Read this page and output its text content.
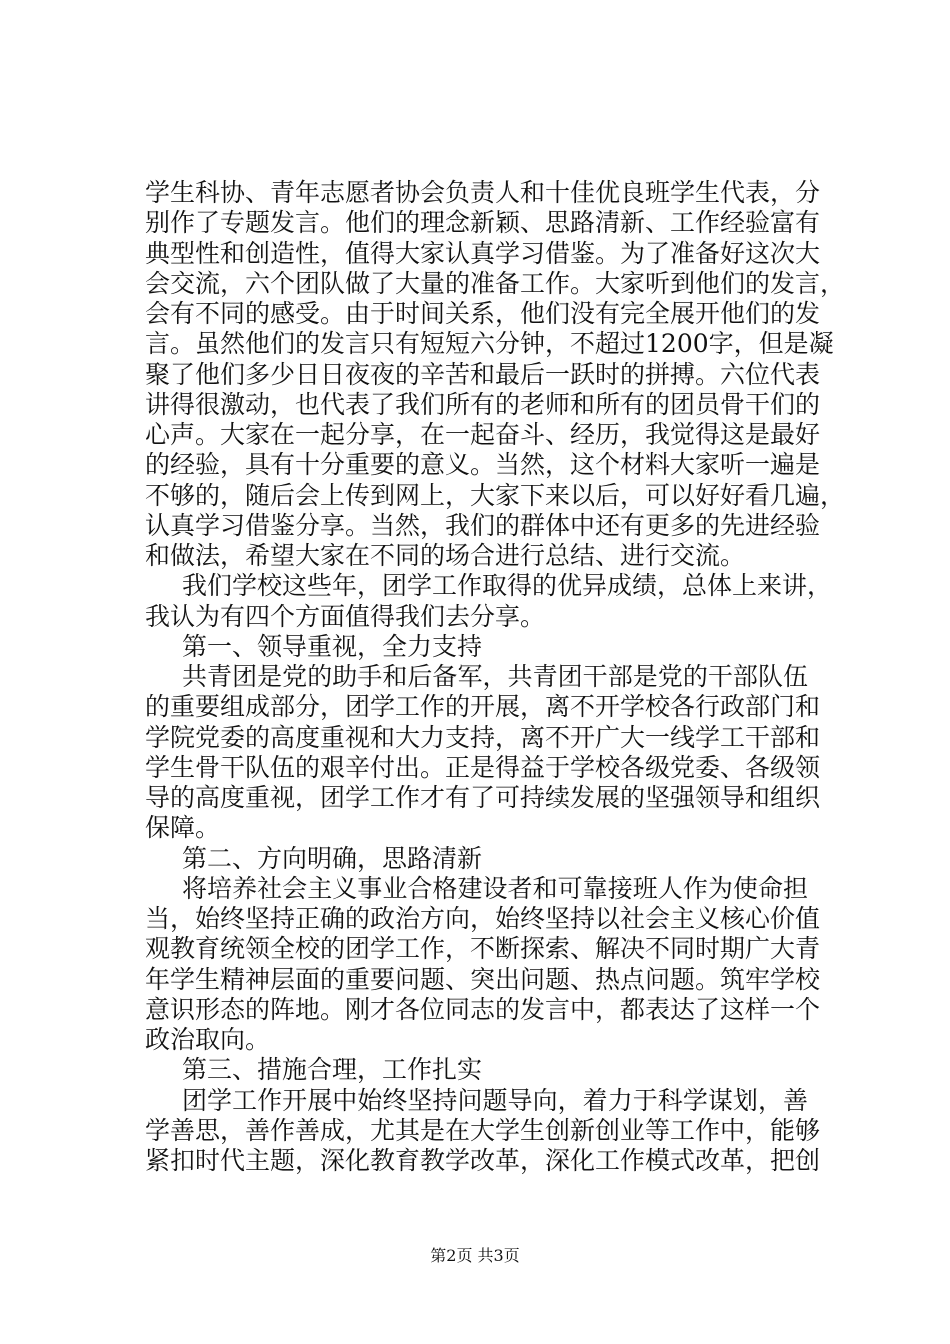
学生科协、青年志愿者协会负责人和十佳优良班学生代表，分
别作了专题发言。他们的理念新颖、思路清新、工作经验富有
典型性和创造性，值得大家认真学习借鉴。为了准备好这次大
会交流，六个团队做了大量的准备工作。大家听到他们的发言，
会有不同的感受。由于时间关系，他们没有完全展开他们的发
言。虽然他们的发言只有短短六分钟，不超过1200字，但是凝
聚了他们多少日日夜夜的辛苦和最后一跃时的拼搏。六位代表
讲得很激动，也代表了我们所有的老师和所有的团员骨干们的
心声。大家在一起分享，在一起奋斗、经历，我觉得这是最好
的经验，具有十分重要的意义。当然，这个材料大家听一遍是
不够的，随后会上传到网上，大家下来以后，可以好好看几遍，
认真学习借鉴分享。当然，我们的群体中还有更多的先进经验
和做法，希望大家在不同的场合进行总结、进行交流。
我们学校这些年，团学工作取得的优异成绩，总体上来讲，
我认为有四个方面值得我们去分享。
第一、领导重视，全力支持
共青团是党的助手和后备军，共青团干部是党的干部队伍
的重要组成部分，团学工作的开展，离不开学校各行政部门和
学院党委的高度重视和大力支持，离不开广大一线学工干部和
学生骨干队伍的艰辛付出。正是得益于学校各级党委、各级领
导的高度重视，团学工作才有了可持续发展的坚强领导和组织
保障。
第二、方向明确，思路清新
将培养社会主义事业合格建设者和可靠接班人作为使命担
当，始终坚持正确的政治方向，始终坚持以社会主义核心价值
观教育统领全校的团学工作，不断探索、解决不同时期广大青
年学生精神层面的重要问题、突出问题、热点问题。筑牢学校
意识形态的阵地。刚才各位同志的发言中，都表达了这样一个
政治取向。
第三、措施合理，工作扎实
团学工作开展中始终坚持问题导向，着力于科学谋划，善
学善思，善作善成，尤其是在大学生创新创业等工作中，能够
紧扣时代主题，深化教育教学改革，深化工作模式改革，把创
第2页 共3页
